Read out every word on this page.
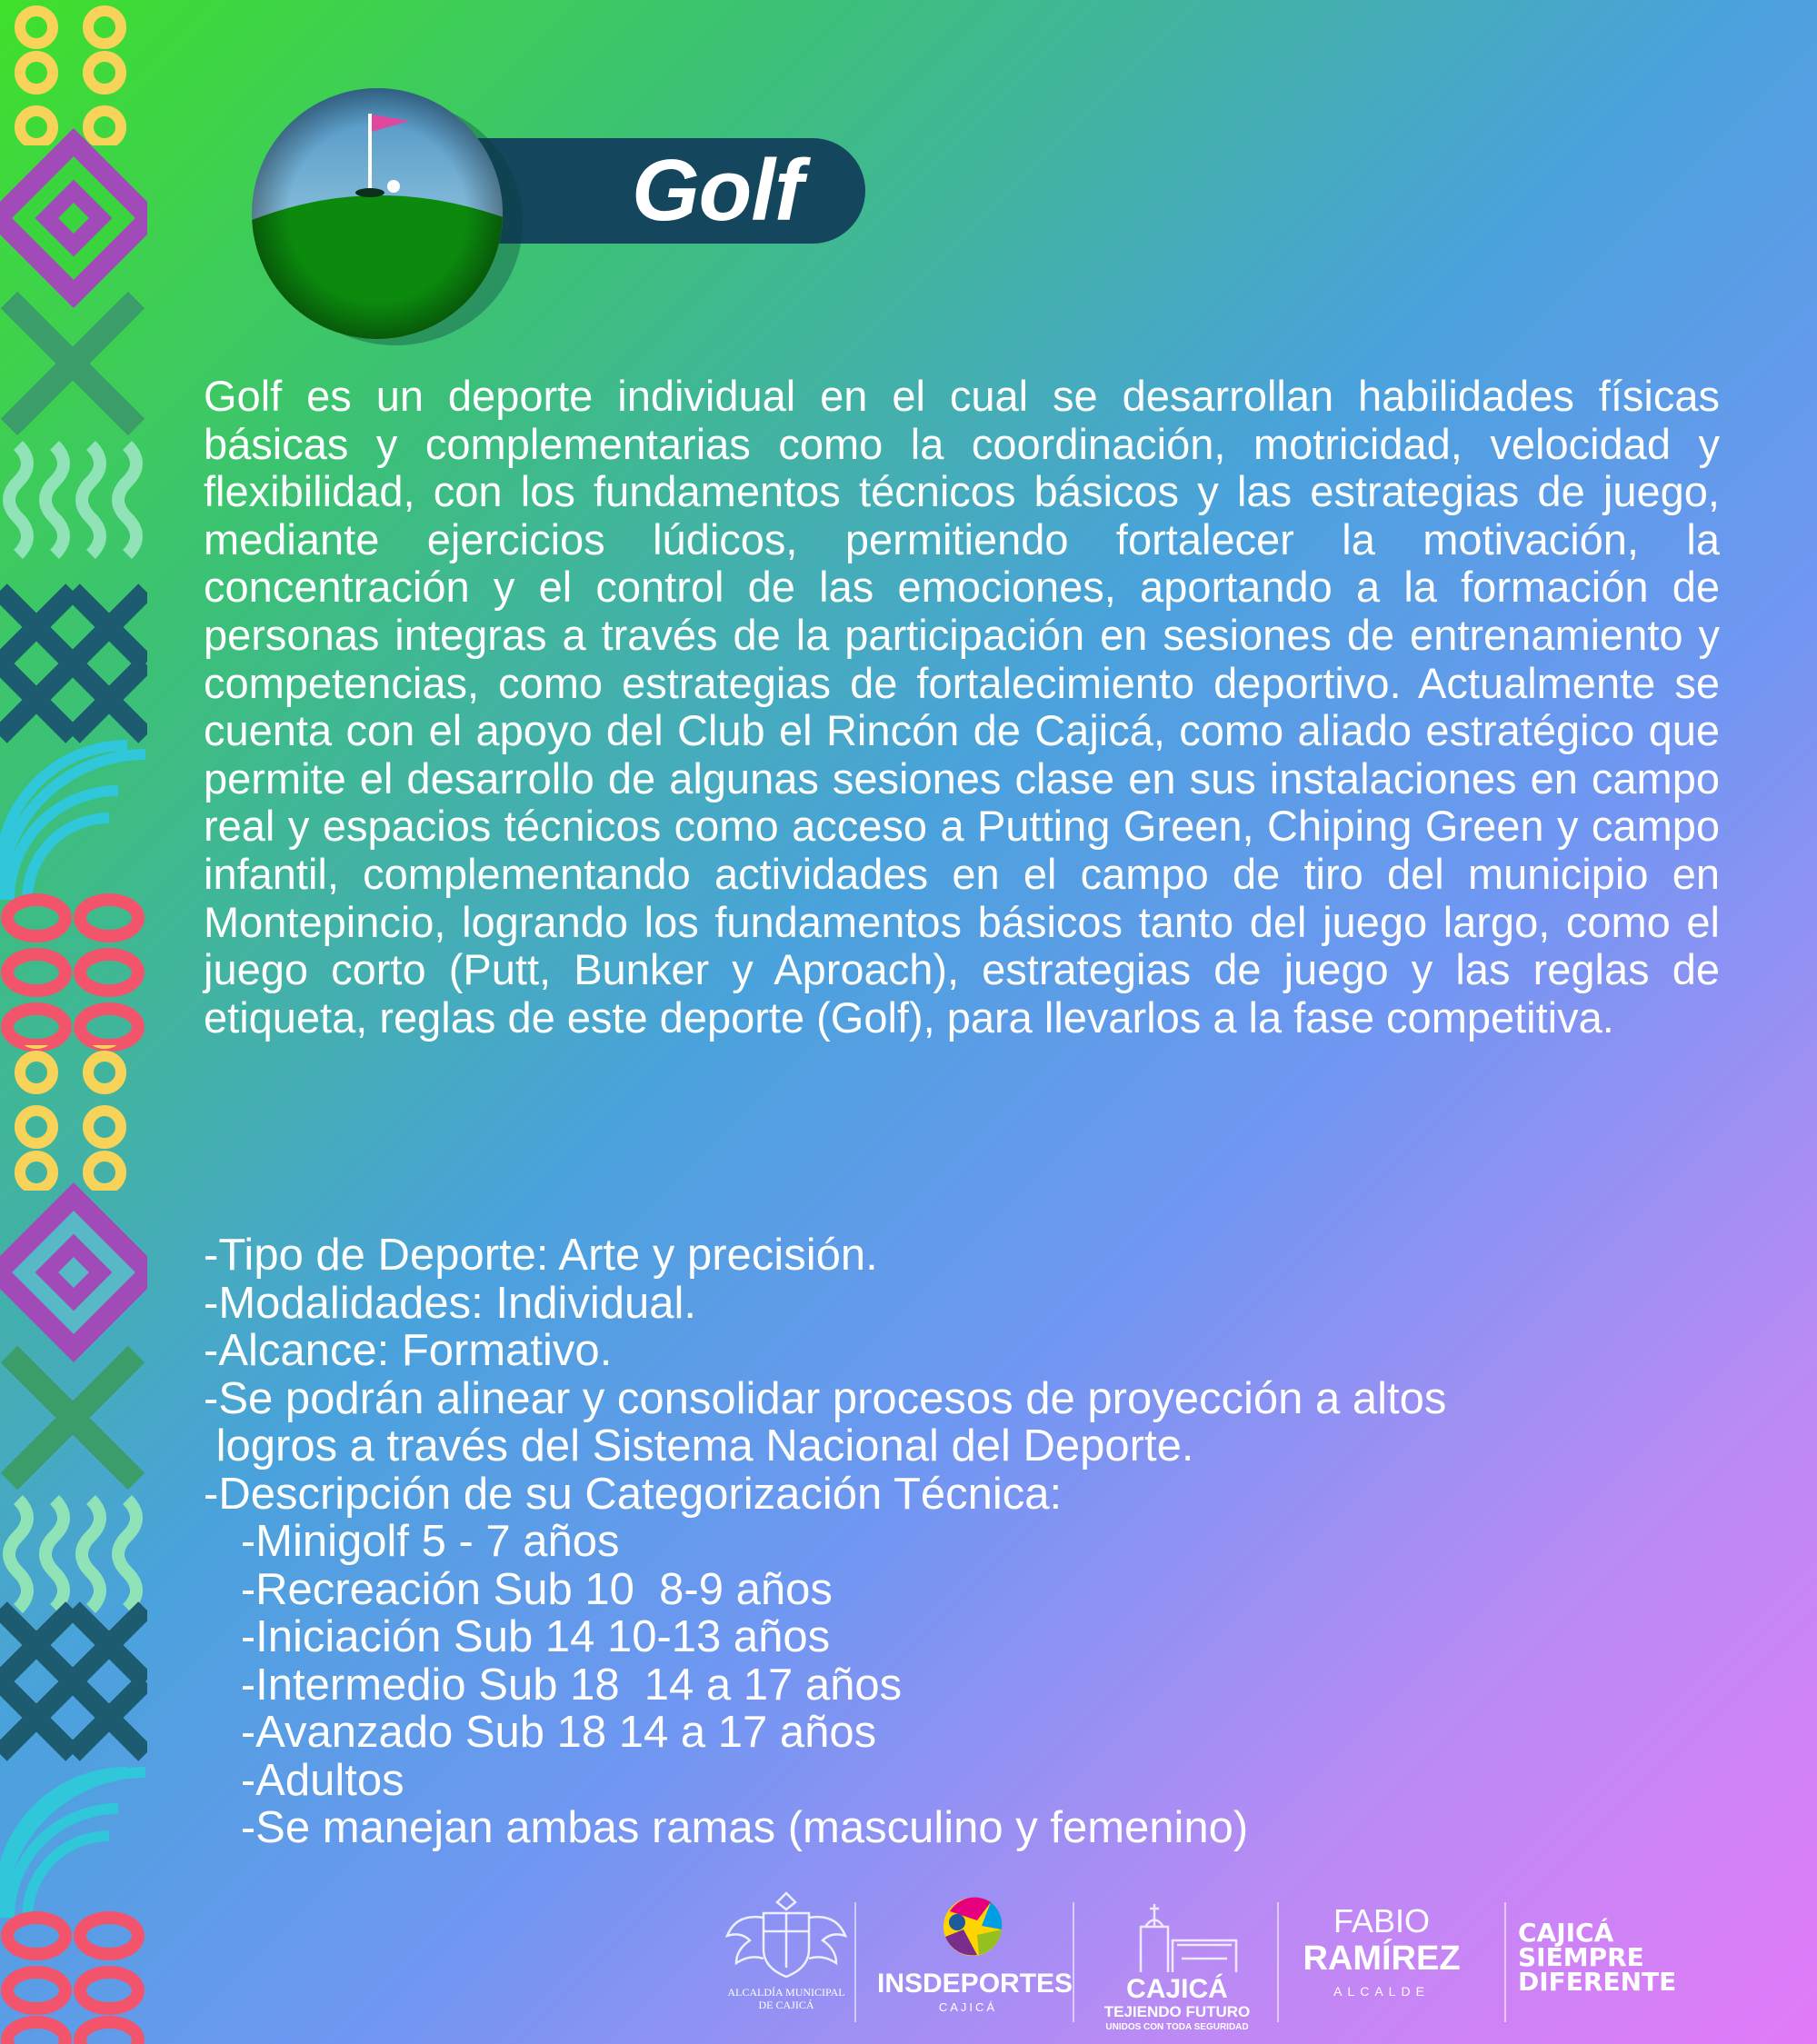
Golf

Golf es un deporte individual en el cual se desarrollan habilidades físicas básicas y complementarias como la coordinación, motricidad, velocidad y flexibilidad, con los fundamentos técnicos básicos y las estrategias de juego, mediante ejercicios lúdicos, permitiendo fortalecer la motivación, la concentración y el control de las emociones, aportando a la formación de personas integras a través de la participación en sesiones de entrenamiento y competencias, como estrategias de fortalecimiento deportivo. Actualmente se cuenta con el apoyo del Club el Rincón de Cajicá, como aliado estratégico que permite el desarrollo de algunas sesiones clase en sus instalaciones en campo real y espacios técnicos como acceso a Putting Green, Chiping Green y campo infantil, complementando actividades en el campo de tiro del municipio en Montepincio, logrando los fundamentos básicos tanto del juego largo, como el juego corto (Putt, Bunker y Aproach), estrategias de juego y las reglas de etiqueta, reglas de este deporte (Golf), para llevarlos a la fase competitiva.

-Tipo de Deporte: Arte y precisión.
-Modalidades: Individual.
-Alcance: Formativo.
-Se podrán alinear y consolidar procesos de proyección a altos
logros a través del Sistema Nacional del Deporte.
-Descripción de su Categorización Técnica:
-Minigolf 5 - 7 años
-Recreación Sub 10  8-9 años
-Iniciación Sub 14 10-13 años
-Intermedio Sub 18  14 a 17 años
-Avanzado Sub 18 14 a 17 años
-Adultos
-Se manejan ambas ramas (masculino y femenino)

ALCALDÍA MUNICIPAL
DE CAJICÁ

INSDEPORTES

CAJICÁ

CAJICÁ

TEJIENDO FUTURO

UNIDOS CON TODA SEGURIDAD

FABIO

RAMÍREZ

ALCALDE

CAJICÁ
SIEMPRE
DIFERENTE
